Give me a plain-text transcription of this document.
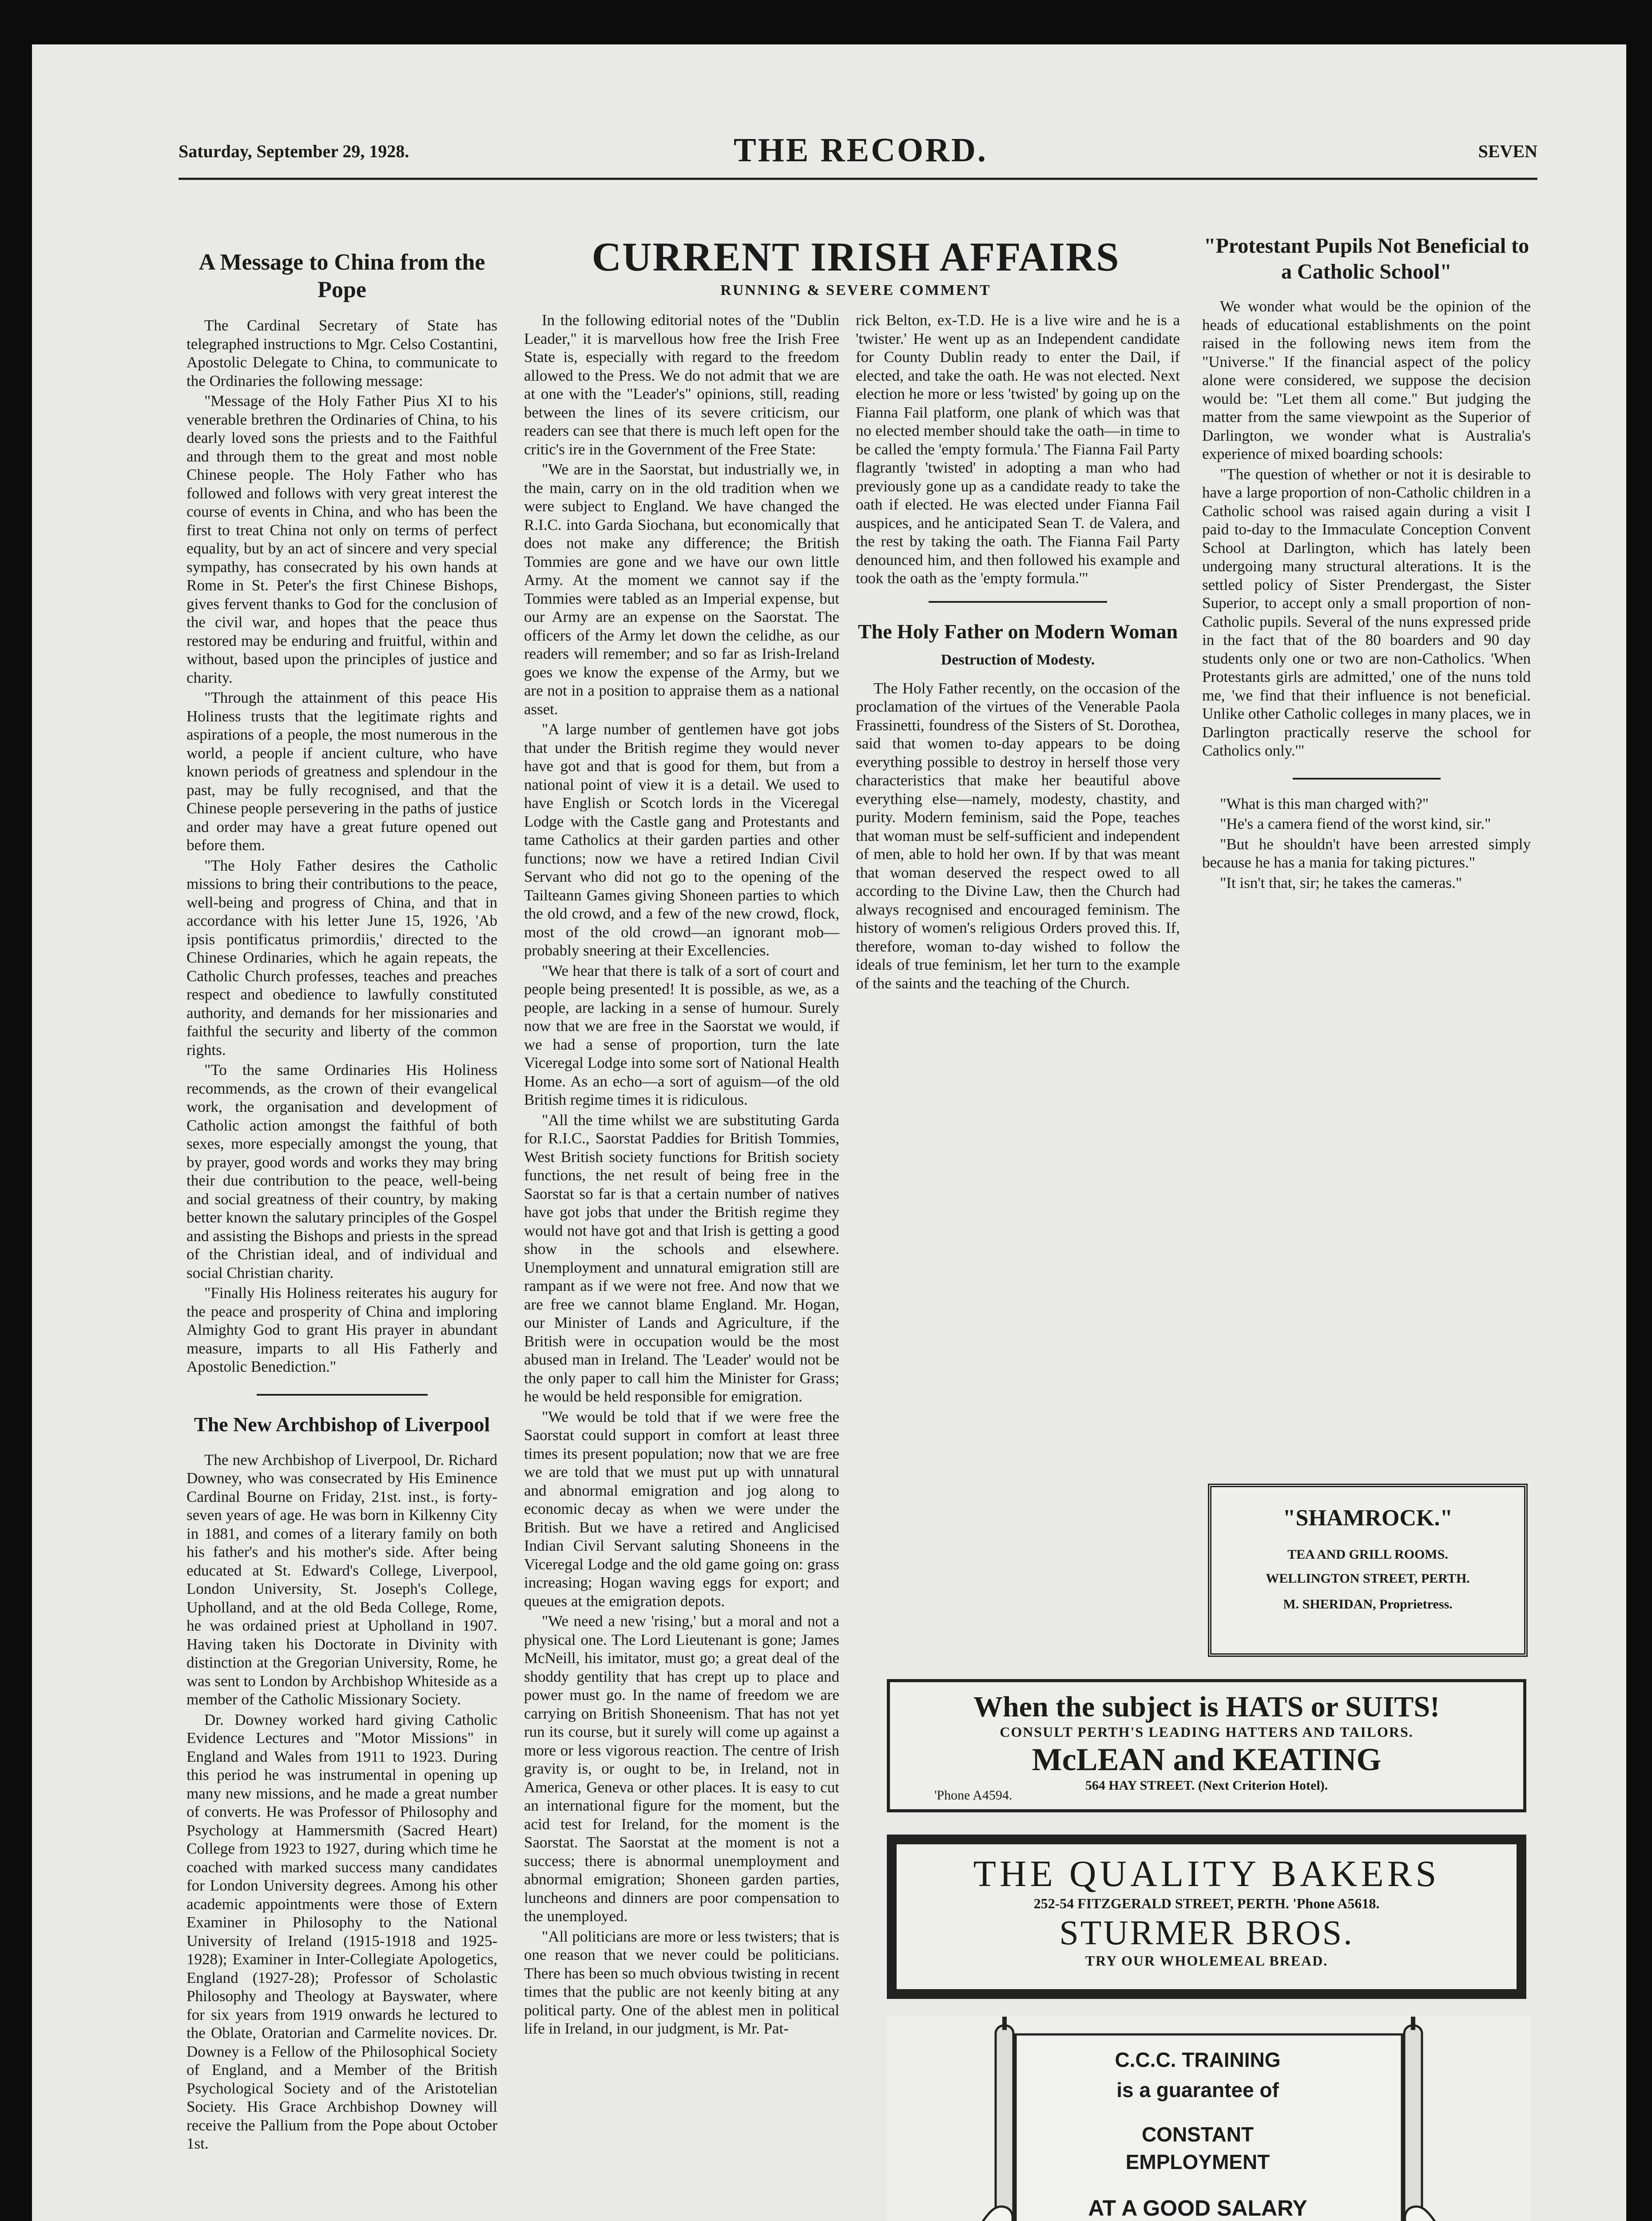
Saturday, September 29, 1928.	THE RECORD.	SEVEN
A Message to China from the Pope
The Cardinal Secretary of State has telegraphed instructions to Mgr. Celso Costantini, Apostolic Delegate to China, to communicate to the Ordinaries the following message:
"Message of the Holy Father Pius XI to his venerable brethren the Ordinaries of China, to his dearly loved sons the priests and to the Faithful and through them to the great and most noble Chinese people. The Holy Father who has followed and follows with very great interest the course of events in China, and who has been the first to treat China not only on terms of perfect equality, but by an act of sincere and very special sympathy, has consecrated by his own hands at Rome in St. Peter's the first Chinese Bishops, gives fervent thanks to God for the conclusion of the civil war, and hopes that the peace thus restored may be enduring and fruitful, within and without, based upon the principles of justice and charity.
"Through the attainment of this peace His Holiness trusts that the legitimate rights and aspirations of a people, the most numerous in the world, a people if ancient culture, who have known periods of greatness and splendour in the past, may be fully recognised, and that the Chinese people persevering in the paths of justice and order may have a great future opened out before them.
"The Holy Father desires the Catholic missions to bring their contributions to the peace, well-being and progress of China, and that in accordance with his letter June 15, 1926, 'Ab ipsis pontificatus primordiis,' directed to the Chinese Ordinaries, which he again repeats, the Catholic Church professes, teaches and preaches respect and obedience to lawfully constituted authority, and demands for her missionaries and faithful the security and liberty of the common rights.
"To the same Ordinaries His Holiness recommends, as the crown of their evangelical work, the organisation and development of Catholic action amongst the faithful of both sexes, more especially amongst the young, that by prayer, good words and works they may bring their due contribution to the peace, well-being and social greatness of their country, by making better known the salutary principles of the Gospel and assisting the Bishops and priests in the spread of the Christian ideal, and of individual and social Christian charity.
"Finally His Holiness reiterates his augury for the peace and prosperity of China and imploring Almighty God to grant His prayer in abundant measure, imparts to all His Fatherly and Apostolic Benediction."
The New Archbishop of Liverpool
The new Archbishop of Liverpool, Dr. Richard Downey, who was consecrated by His Eminence Cardinal Bourne on Friday, 21st. inst., is forty-seven years of age. He was born in Kilkenny City in 1881, and comes of a literary family on both his father's and his mother's side. After being educated at St. Edward's College, Liverpool, London University, St. Joseph's College, Upholland, and at the old Beda College, Rome, he was ordained priest at Upholland in 1907. Having taken his Doctorate in Divinity with distinction at the Gregorian University, Rome, he was sent to London by Archbishop Whiteside as a member of the Catholic Missionary Society.
Dr. Downey worked hard giving Catholic Evidence Lectures and "Motor Missions" in England and Wales from 1911 to 1923. During this period he was instrumental in opening up many new missions, and he made a great number of converts. He was Professor of Philosophy and Psychology at Hammersmith (Sacred Heart) College from 1923 to 1927, during which time he coached with marked success many candidates for London University degrees. Among his other academic appointments were those of Extern Examiner in Philosophy to the National University of Ireland (1915-1918 and 1925-1928); Examiner in Inter-Collegiate Apologetics, England (1927-28); Professor of Scholastic Philosophy and Theology at Bayswater, where for six years from 1919 onwards he lectured to the Oblate, Oratorian and Carmelite novices. Dr. Downey is a Fellow of the Philosophical Society of England, and a Member of the British Psychological Society and of the Aristotelian Society. His Grace Archbishop Downey will receive the Pallium from the Pope about October 1st.
CURRENT IRISH AFFAIRS
RUNNING & SEVERE COMMENT
In the following editorial notes of the "Dublin Leader," it is marvellous how free the Irish Free State is, especially with regard to the freedom allowed to the Press. We do not admit that we are at one with the "Leader's" opinions, still, reading between the lines of its severe criticism, our readers can see that there is much left open for the critic's ire in the Government of the Free State:
"We are in the Saorstat, but industrially we, in the main, carry on in the old tradition when we were subject to England. We have changed the R.I.C. into Garda Siochana, but economically that does not make any difference; the British Tommies are gone and we have our own little Army. At the moment we cannot say if the Tommies were tabled as an Imperial expense, but our Army are an expense on the Saorstat. The officers of the Army let down the celidhe, as our readers will remember; and so far as Irish-Ireland goes we know the expense of the Army, but we are not in a position to appraise them as a national asset.
"A large number of gentlemen have got jobs that under the British regime they would never have got and that is good for them, but from a national point of view it is a detail. We used to have English or Scotch lords in the Viceregal Lodge with the Castle gang and Protestants and tame Catholics at their garden parties and other functions; now we have a retired Indian Civil Servant who did not go to the opening of the Tailteann Games giving Shoneen parties to which the old crowd, and a few of the new crowd, flock, most of the old crowd—an ignorant mob—probably sneering at their Excellencies.
"We hear that there is talk of a sort of court and people being presented! It is possible, as we, as a people, are lacking in a sense of humour. Surely now that we are free in the Saorstat we would, if we had a sense of proportion, turn the late Viceregal Lodge into some sort of National Health Home. As an echo—a sort of aguism—of the old British regime times it is ridiculous.
"All the time whilst we are substituting Garda for R.I.C., Saorstat Paddies for British Tommies, West British society functions for British society functions, the net result of being free in the Saorstat so far is that a certain number of natives have got jobs that under the British regime they would not have got and that Irish is getting a good show in the schools and elsewhere. Unemployment and unnatural emigration still are rampant as if we were not free. And now that we are free we cannot blame England. Mr. Hogan, our Minister of Lands and Agriculture, if the British were in occupation would be the most abused man in Ireland. The 'Leader' would not be the only paper to call him the Minister for Grass; he would be held responsible for emigration.
"We would be told that if we were free the Saorstat could support in comfort at least three times its present population; now that we are free we are told that we must put up with unnatural and abnormal emigration and jog along to economic decay as when we were under the British. But we have a retired and Anglicised Indian Civil Servant saluting Shoneens in the Viceregal Lodge and the old game going on: grass increasing; Hogan waving eggs for export; and queues at the emigration depots.
"We need a new 'rising,' but a moral and not a physical one. The Lord Lieutenant is gone; James McNeill, his imitator, must go; a great deal of the shoddy gentility that has crept up to place and power must go. In the name of freedom we are carrying on British Shoneenism. That has not yet run its course, but it surely will come up against a more or less vigorous reaction. The centre of Irish gravity is, or ought to be, in Ireland, not in America, Geneva or other places. It is easy to cut an international figure for the moment, but the acid test for Ireland, for the moment is the Saorstat. The Saorstat at the moment is not a success; there is abnormal unemployment and abnormal emigration; Shoneen garden parties, luncheons and dinners are poor compensation to the unemployed.
"All politicians are more or less twisters; that is one reason that we never could be politicians. There has been so much obvious twisting in recent times that the public are not keenly biting at any political party. One of the ablest men in political life in Ireland, in our judgment, is Mr. Pat-
rick Belton, ex-T.D. He is a live wire and he is a 'twister.' He went up as an Independent candidate for County Dublin ready to enter the Dail, if elected, and take the oath. He was not elected. Next election he more or less 'twisted' by going up on the Fianna Fail platform, one plank of which was that no elected member should take the oath—in time to be called the 'empty formula.' The Fianna Fail Party flagrantly 'twisted' in adopting a man who had previously gone up as a candidate ready to take the oath if elected. He was elected under Fianna Fail auspices, and he anticipated Sean T. de Valera, and the rest by taking the oath. The Fianna Fail Party denounced him, and then followed his example and took the oath as the 'empty formula.'"
The Holy Father on Modern Woman
Destruction of Modesty.
The Holy Father recently, on the occasion of the proclamation of the virtues of the Venerable Paola Frassinetti, foundress of the Sisters of St. Dorothea, said that women to-day appears to be doing everything possible to destroy in herself those very characteristics that make her beautiful above everything else—namely, modesty, chastity, and purity. Modern feminism, said the Pope, teaches that woman must be self-sufficient and independent of men, able to hold her own. If by that was meant that woman deserved the respect owed to all according to the Divine Law, then the Church had always recognised and encouraged feminism. The history of women's religious Orders proved this. If, therefore, woman to-day wished to follow the ideals of true feminism, let her turn to the example of the saints and the teaching of the Church.
"Protestant Pupils Not Beneficial to a Catholic School"
We wonder what would be the opinion of the heads of educational establishments on the point raised in the following news item from the "Universe." If the financial aspect of the policy alone were considered, we suppose the decision would be: "Let them all come." But judging the matter from the same viewpoint as the Superior of Darlington, we wonder what is Australia's experience of mixed boarding schools:
"The question of whether or not it is desirable to have a large proportion of non-Catholic children in a Catholic school was raised again during a visit I paid to-day to the Immaculate Conception Convent School at Darlington, which has lately been undergoing many structural alterations. It is the settled policy of Sister Prendergast, the Sister Superior, to accept only a small proportion of non-Catholic pupils. Several of the nuns expressed pride in the fact that of the 80 boarders and 90 day students only one or two are non-Catholics. 'When Protestants girls are admitted,' one of the nuns told me, 'we find that their influence is not beneficial. Unlike other Catholic colleges in many places, we in Darlington practically reserve the school for Catholics only.'"
"What is this man charged with?"
"He's a camera fiend of the worst kind, sir."
"But he shouldn't have been arrested simply because he has a mania for taking pictures."
"It isn't that, sir; he takes the cameras."
"SHAMROCK."
TEA AND GRILL ROOMS.
WELLINGTON STREET, PERTH.
M. SHERIDAN, Proprietress.
When the subject is HATS or SUITS!
CONSULT PERTH'S LEADING HATTERS AND TAILORS.
McLEAN and KEATING
564 HAY STREET. (Next Criterion Hotel).
'Phone A4594.
THE QUALITY BAKERS
252-54 FITZGERALD STREET, PERTH. 'Phone A5618.
STURMER BROS.
TRY OUR WHOLEMEAL BREAD.
C.C.C. TRAINING
is a guarantee of
CONSTANT
EMPLOYMENT
AT A GOOD SALARY
